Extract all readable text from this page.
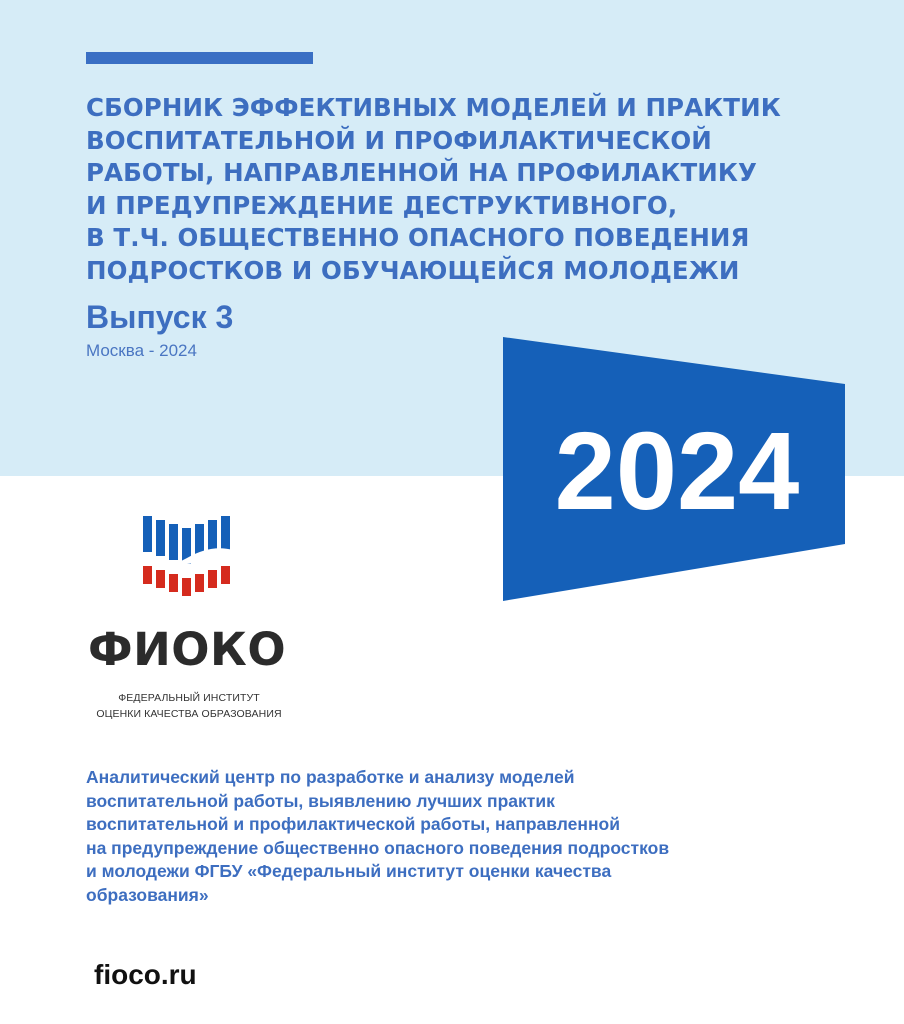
СБОРНИК ЭФФЕКТИВНЫХ МОДЕЛЕЙ И ПРАКТИК
ВОСПИТАТЕЛЬНОЙ И ПРОФИЛАКТИЧЕСКОЙ
РАБОТЫ, НАПРАВЛЕННОЙ НА ПРОФИЛАКТИКУ
И ПРЕДУПРЕЖДЕНИЕ ДЕСТРУКТИВНОГО,
В Т.Ч. ОБЩЕСТВЕННО ОПАСНОГО ПОВЕДЕНИЯ
ПОДРОСТКОВ И ОБУЧАЮЩЕЙСЯ МОЛОДЕЖИ
Выпуск 3
Москва - 2024
2024
ФИОКО
ФЕДЕРАЛЬНЫЙ ИНСТИТУТ
ОЦЕНКИ КАЧЕСТВА ОБРАЗОВАНИЯ
Аналитический центр по разработке и анализу моделей
воспитательной работы, выявлению лучших практик
воспитательной и профилактической работы, направленной
на предупреждение общественно опасного поведения подростков
и молодежи ФГБУ «Федеральный институт оценки качества
образования»
fioco.ru
